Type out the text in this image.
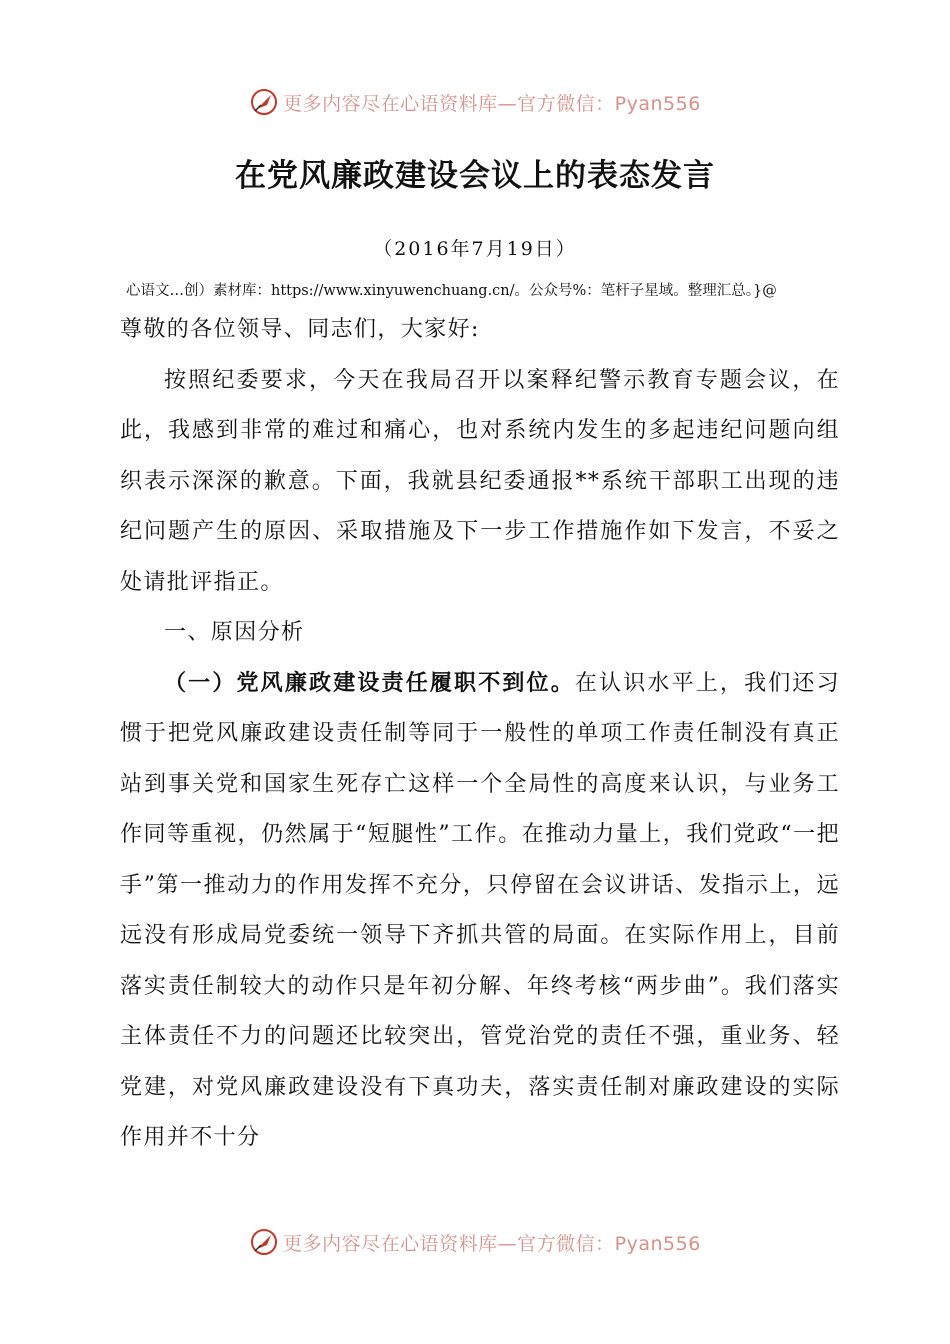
更多内容尽在心语资料库—官方微信：Pyan556
在党风廉政建设会议上的表态发言
（2016年7月19日）
心语文…创）素材库：https://www.xinyuwenchuang.cn/。公众号%：笔杆子星域。整理汇总。}@

尊敬的各位领导、同志们，大家好:

按照纪委要求，今天在我局召开以案释纪警示教育专题会议，在此，我感到非常的难过和痛心，也对系统内发生的多起违纪问题向组织表示深深的歉意。下面，我就县纪委通报**系统干部职工出现的违纪问题产生的原因、采取措施及下一步工作措施作如下发言，不妥之处请批评指正。

一、原因分析

（一）党风廉政建设责任履职不到位。在认识水平上，我们还习惯于把党风廉政建设责任制等同于一般性的单项工作责任制没有真正站到事关党和国家生死存亡这样一个全局性的高度来认识，与业务工作同等重视，仍然属于“短腿性”工作。在推动力量上，我们党政“一把手”第一推动力的作用发挥不充分，只停留在会议讲话、发指示上，远远没有形成局党委统一领导下齐抓共管的局面。在实际作用上，目前落实责任制较大的动作只是年初分解、年终考核“两步曲”。我们落实主体责任不力的问题还比较突出，管党治党的责任不强，重业务、轻党建，对党风廉政建设没有下真功夫，落实责任制对廉政建设的实际作用并不十分

更多内容尽在心语资料库—官方微信：Pyan556
